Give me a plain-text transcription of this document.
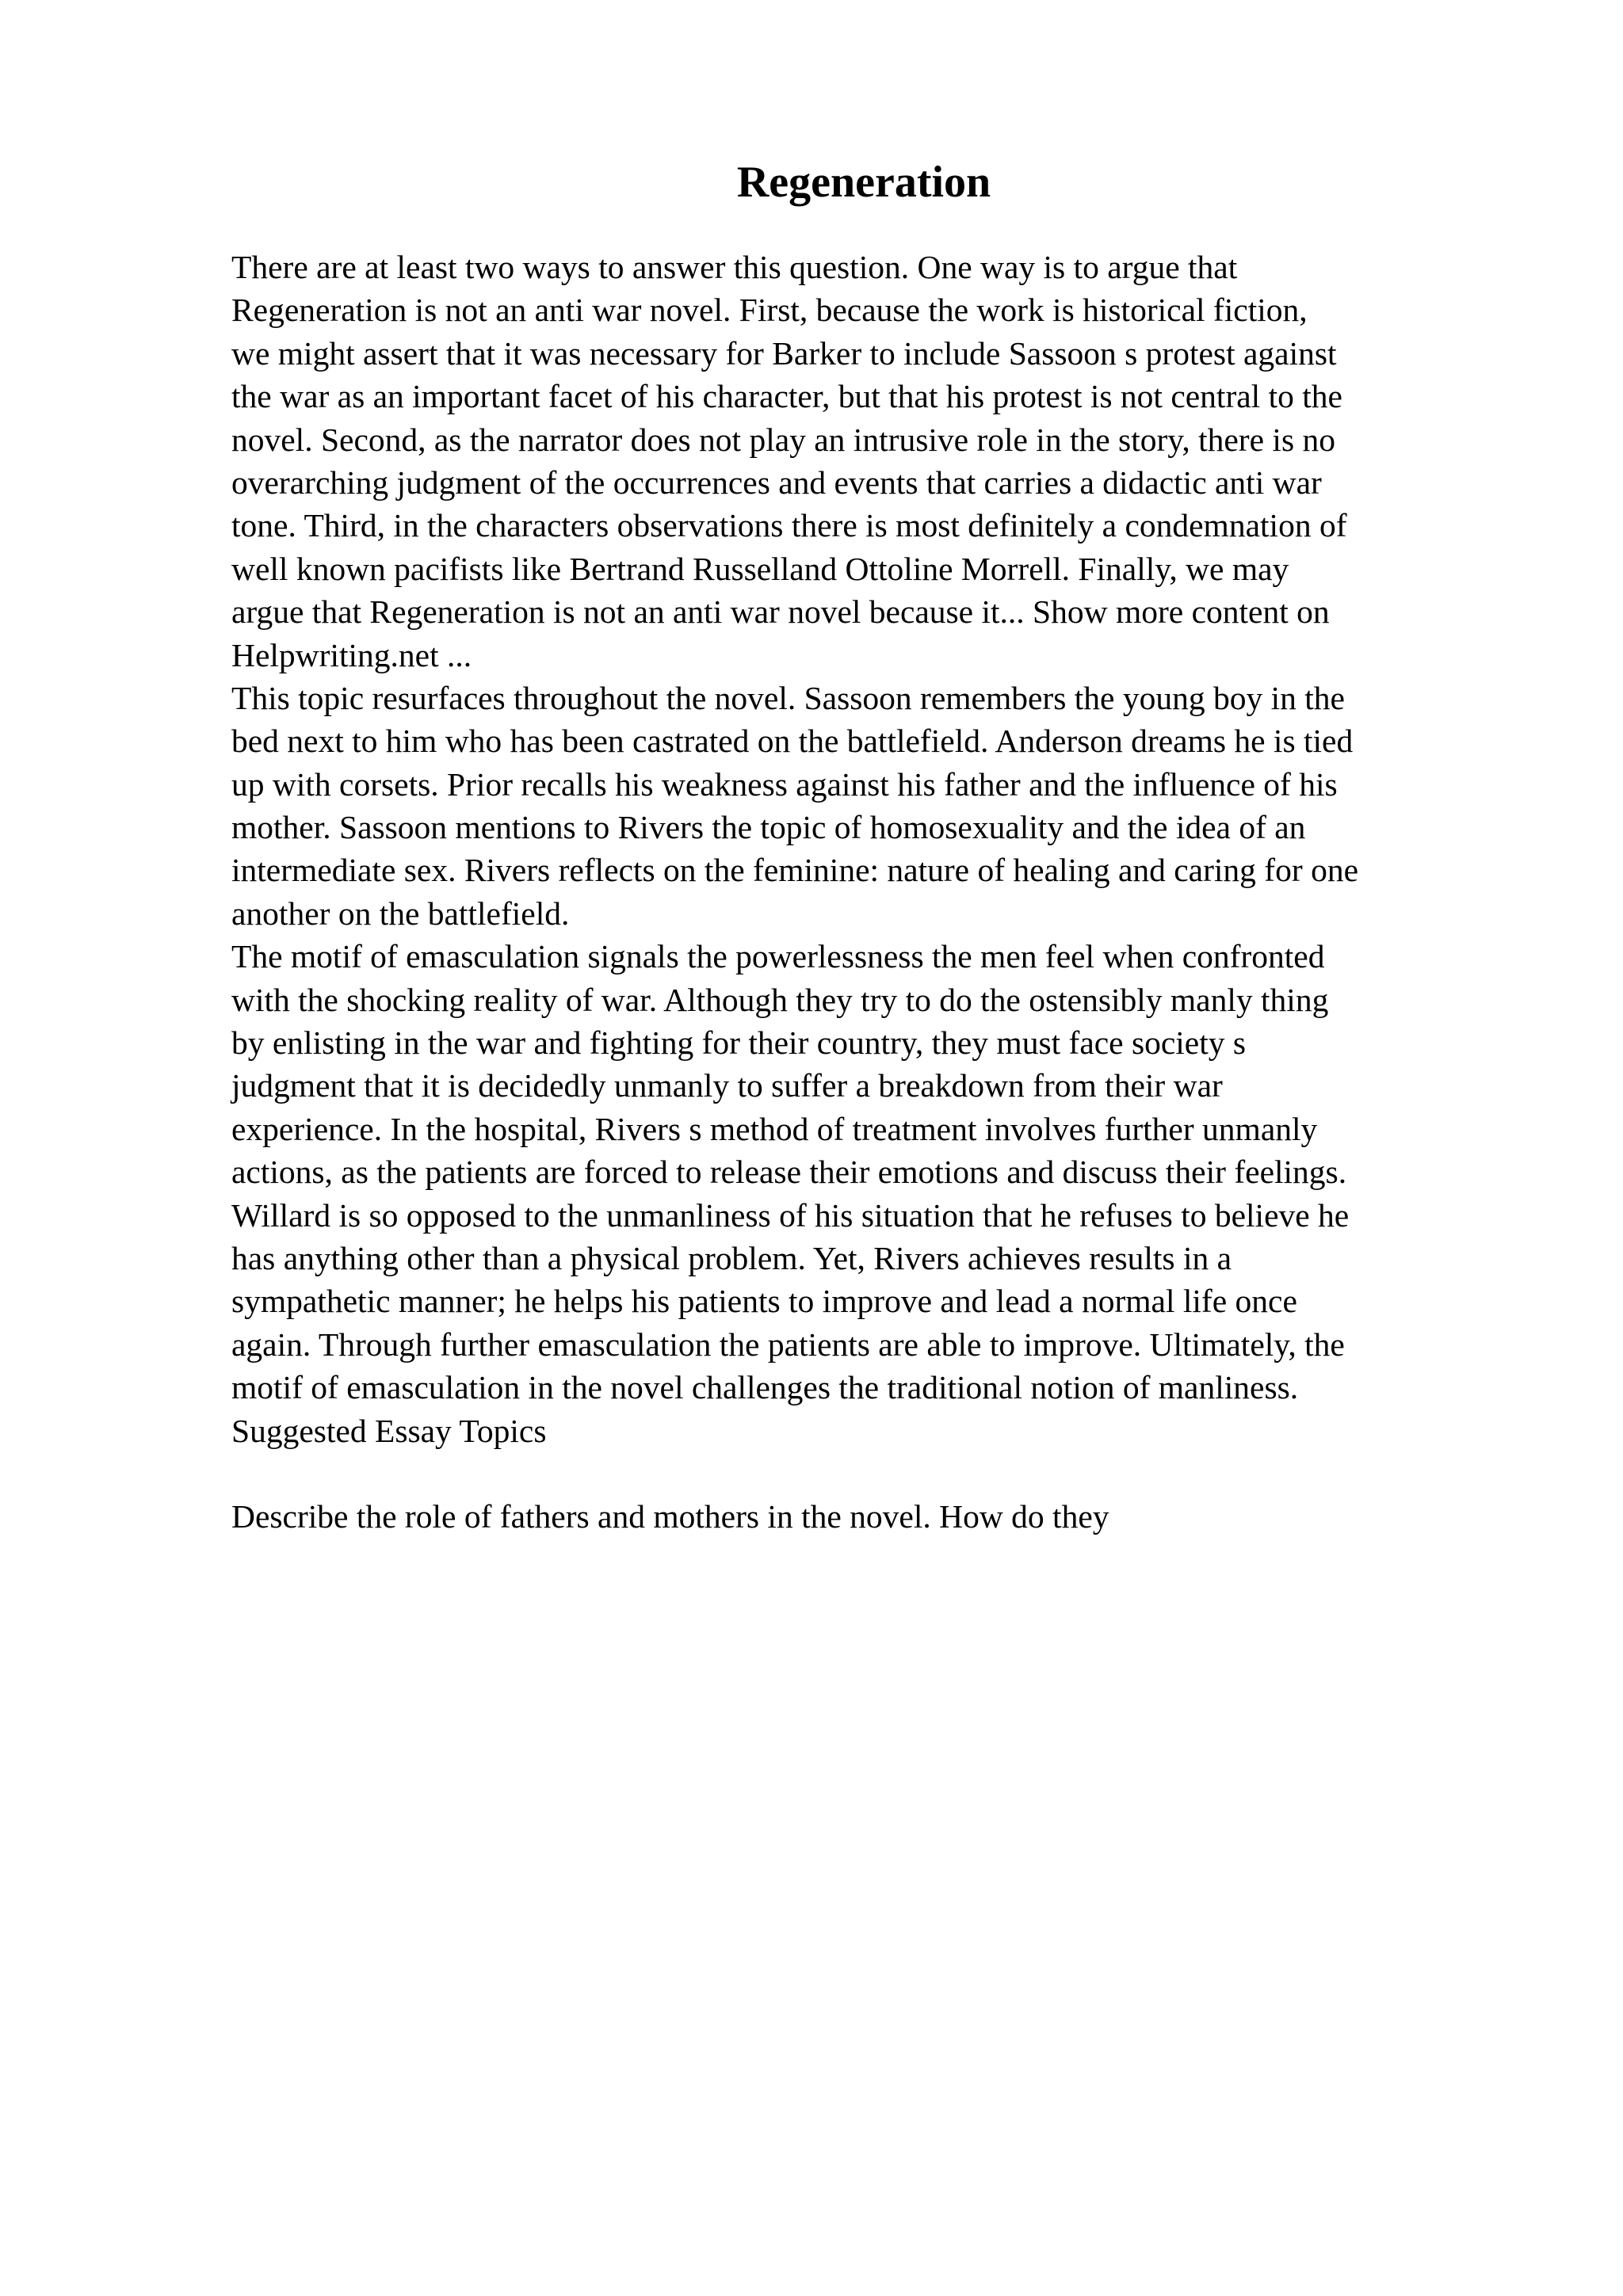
Regeneration
There are at least two ways to answer this question. One way is to argue that
Regeneration is not an anti war novel. First, because the work is historical fiction,
we might assert that it was necessary for Barker to include Sassoon s protest against
the war as an important facet of his character, but that his protest is not central to the
novel. Second, as the narrator does not play an intrusive role in the story, there is no
overarching judgment of the occurrences and events that carries a didactic anti war
tone. Third, in the characters observations there is most definitely a condemnation of
well known pacifists like Bertrand Russelland Ottoline Morrell. Finally, we may
argue that Regeneration is not an anti war novel because it... Show more content on
Helpwriting.net ...
This topic resurfaces throughout the novel. Sassoon remembers the young boy in the
bed next to him who has been castrated on the battlefield. Anderson dreams he is tied
up with corsets. Prior recalls his weakness against his father and the influence of his
mother. Sassoon mentions to Rivers the topic of homosexuality and the idea of an
intermediate sex. Rivers reflects on the feminine: nature of healing and caring for one
another on the battlefield.
The motif of emasculation signals the powerlessness the men feel when confronted
with the shocking reality of war. Although they try to do the ostensibly manly thing
by enlisting in the war and fighting for their country, they must face society s
judgment that it is decidedly unmanly to suffer a breakdown from their war
experience. In the hospital, Rivers s method of treatment involves further unmanly
actions, as the patients are forced to release their emotions and discuss their feelings.
Willard is so opposed to the unmanliness of his situation that he refuses to believe he
has anything other than a physical problem. Yet, Rivers achieves results in a
sympathetic manner; he helps his patients to improve and lead a normal life once
again. Through further emasculation the patients are able to improve. Ultimately, the
motif of emasculation in the novel challenges the traditional notion of manliness.
Suggested Essay Topics
Describe the role of fathers and mothers in the novel. How do they
